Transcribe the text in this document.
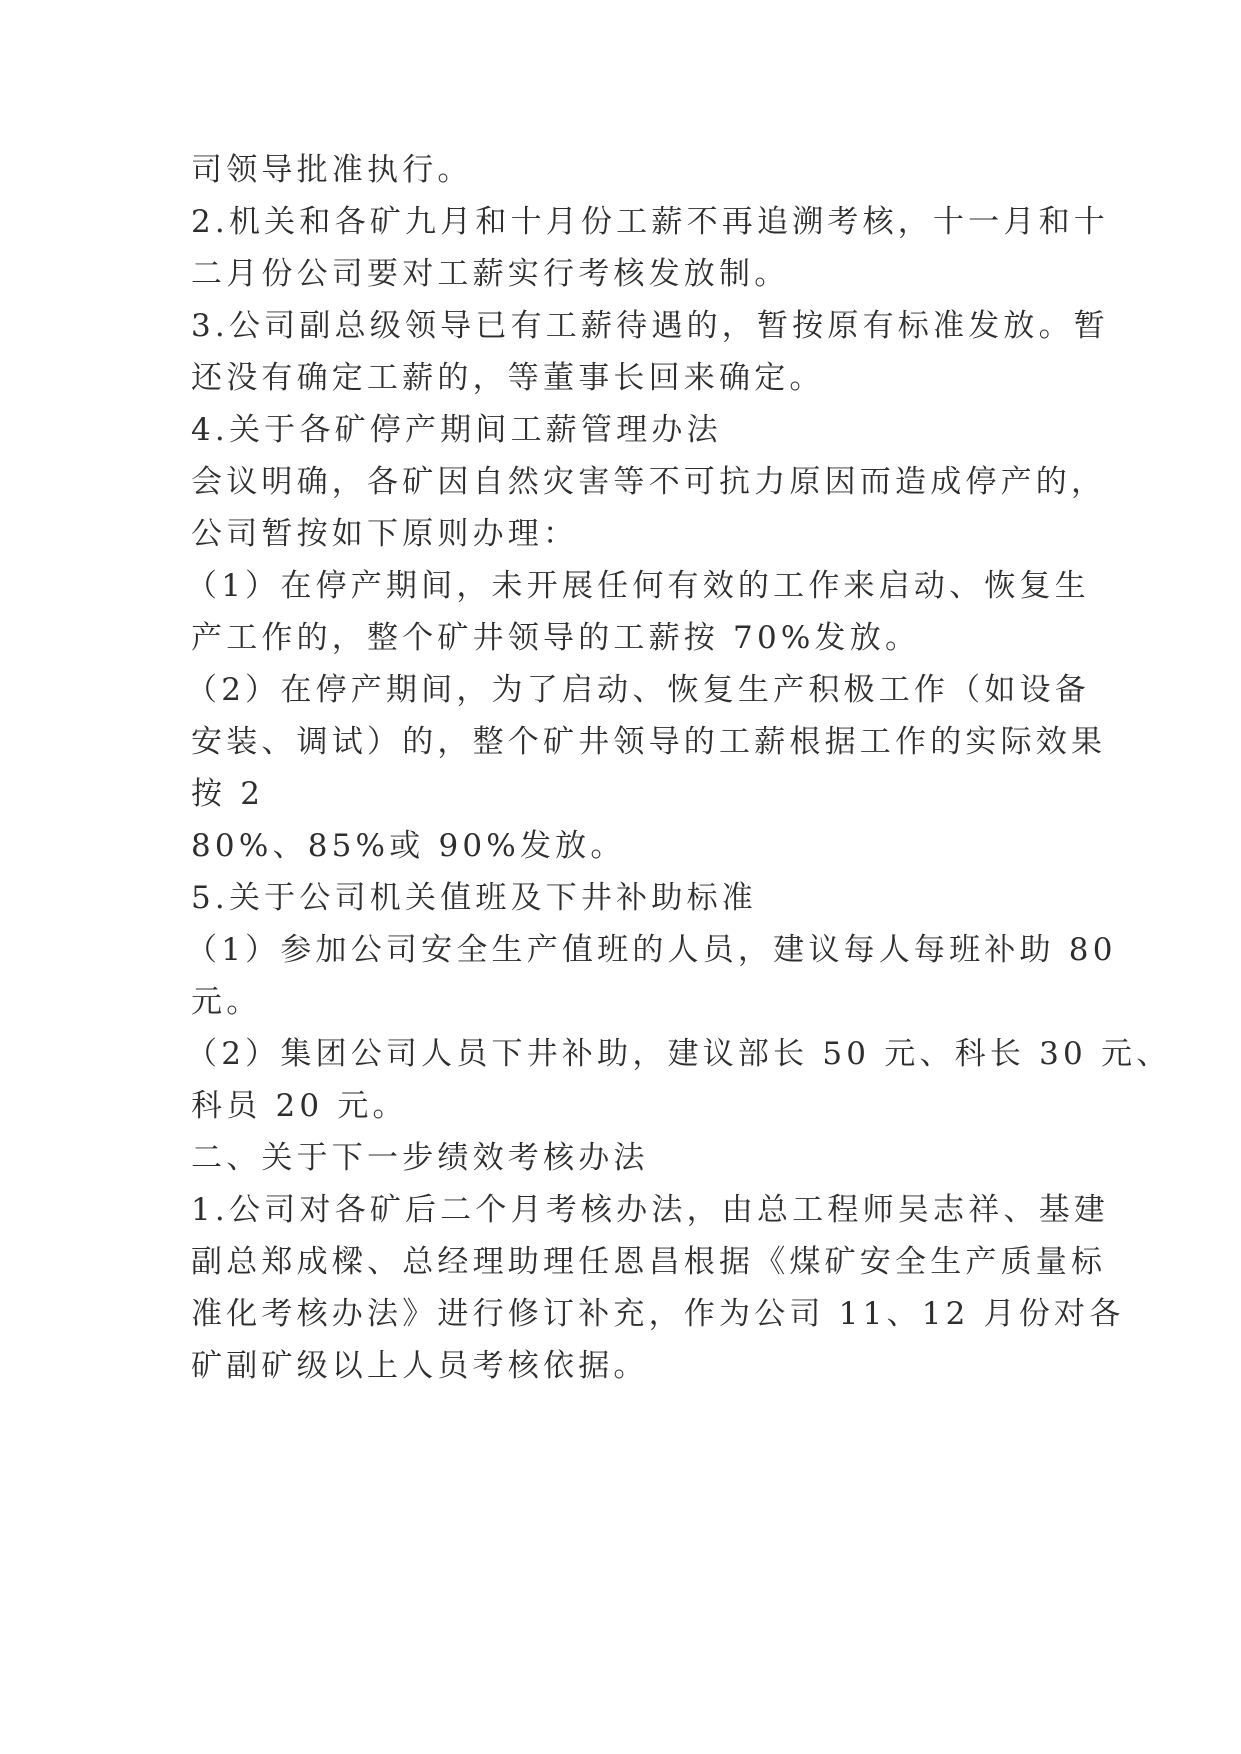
司领导批准执行。
2.机关和各矿九月和十月份工薪不再追溯考核，十一月和十
二月份公司要对工薪实行考核发放制。
3.公司副总级领导已有工薪待遇的，暂按原有标准发放。暂
还没有确定工薪的，等董事长回来确定。
4.关于各矿停产期间工薪管理办法
会议明确，各矿因自然灾害等不可抗力原因而造成停产的，
公司暂按如下原则办理：
（1）在停产期间，未开展任何有效的工作来启动、恢复生
产工作的，整个矿井领导的工薪按 70%发放。
（2）在停产期间，为了启动、恢复生产积极工作（如设备
安装、调试）的，整个矿井领导的工薪根据工作的实际效果
按 2
80%、85%或 90%发放。
5.关于公司机关值班及下井补助标准
（1）参加公司安全生产值班的人员，建议每人每班补助 80
元。
（2）集团公司人员下井补助，建议部长 50 元、科长 30 元、
科员 20 元。
二、关于下一步绩效考核办法
1.公司对各矿后二个月考核办法，由总工程师吴志祥、基建
副总郑成樑、总经理助理任恩昌根据《煤矿安全生产质量标
准化考核办法》进行修订补充，作为公司 11、12 月份对各
矿副矿级以上人员考核依据。
